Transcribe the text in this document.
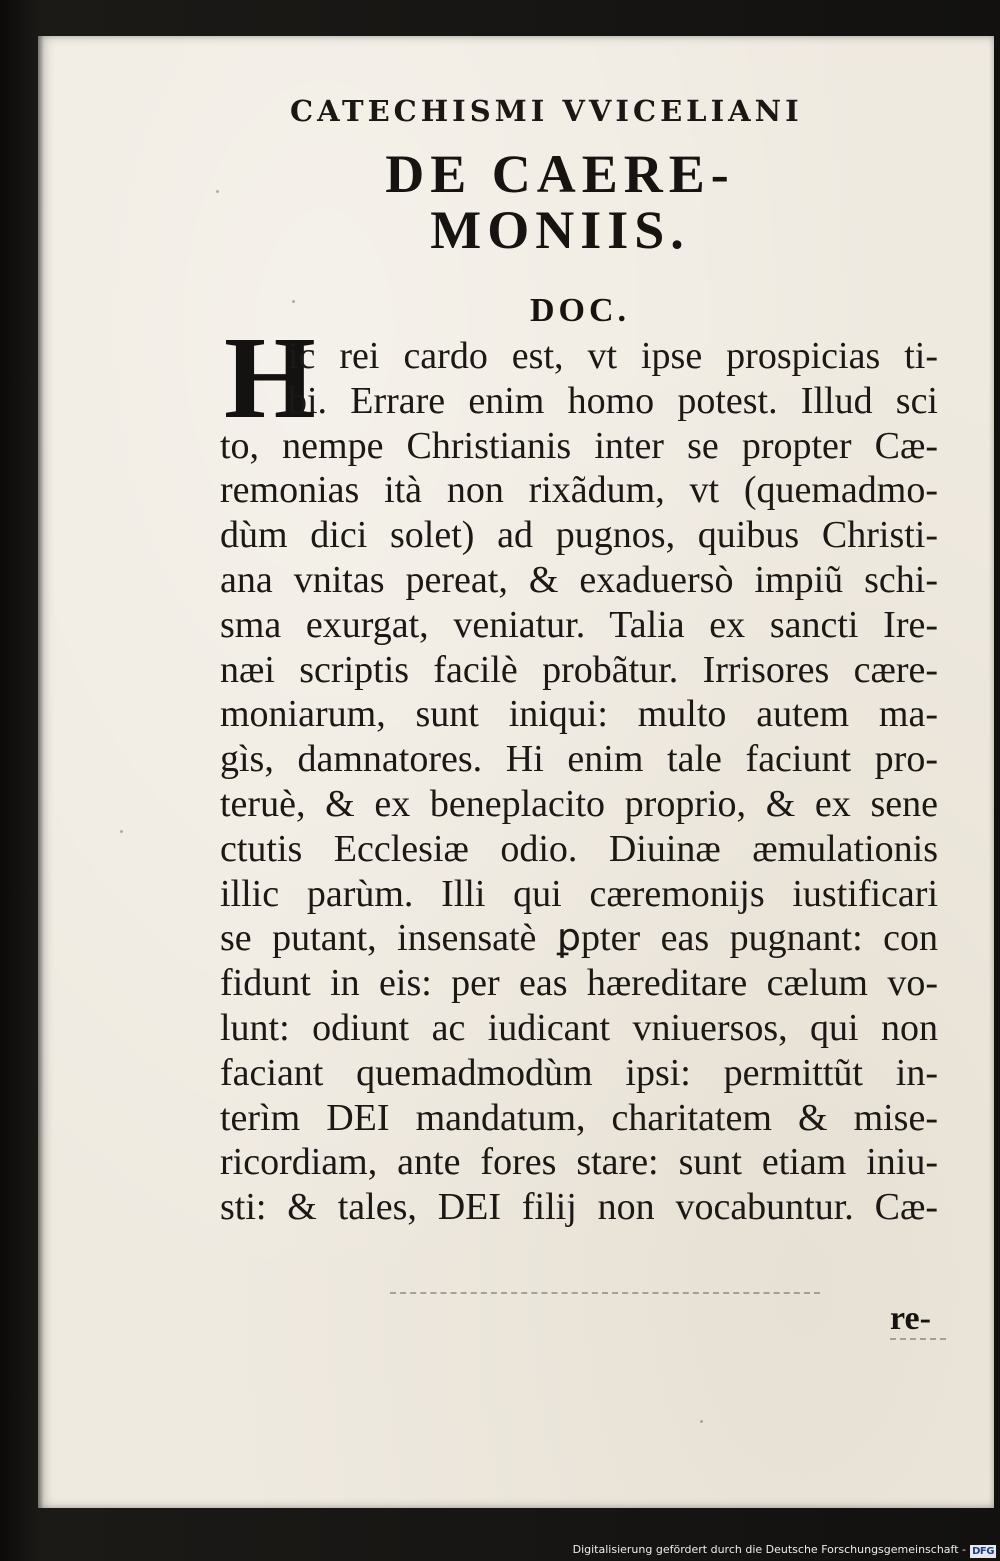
CATECHISMI VVICELIANI
DE CAERE-
MONIIS.
DOC.
H
ic rei cardo est, vt ipse prospicias ti-
bi. Errare enim homo potest. Illud sci
to, nempe Christianis inter se propter Cæ-
remonias ità non rixãdum, vt (quemadmo-
dùm dici solet) ad pugnos, quibus Christi-
ana vnitas pereat, & exaduersò impiũ schi-
sma exurgat, veniatur. Talia ex sancti Ire-
næi scriptis facilè probãtur. Irrisores cære-
moniarum, sunt iniqui: multo autem ma-
gìs, damnatores. Hi enim tale faciunt pro-
teruè, & ex beneplacito proprio, & ex sene
ctutis Ecclesiæ odio. Diuinæ æmulationis
illic parùm. Illi qui cæremonijs iustificari
se putant, insensatè ꝑpter eas pugnant: con
fidunt in eis: per eas hæreditare cælum vo-
lunt: odiunt ac iudicant vniuersos, qui non
faciant quemadmodùm ipsi: permittũt in-
terìm DEI mandatum, charitatem & mise-
ricordiam, ante fores stare: sunt etiam iniu-
sti: & tales, DEI filij non vocabuntur. Cæ-
re-
Digitalisierung gefördert durch die Deutsche Forschungsgemeinschaft - DFG
